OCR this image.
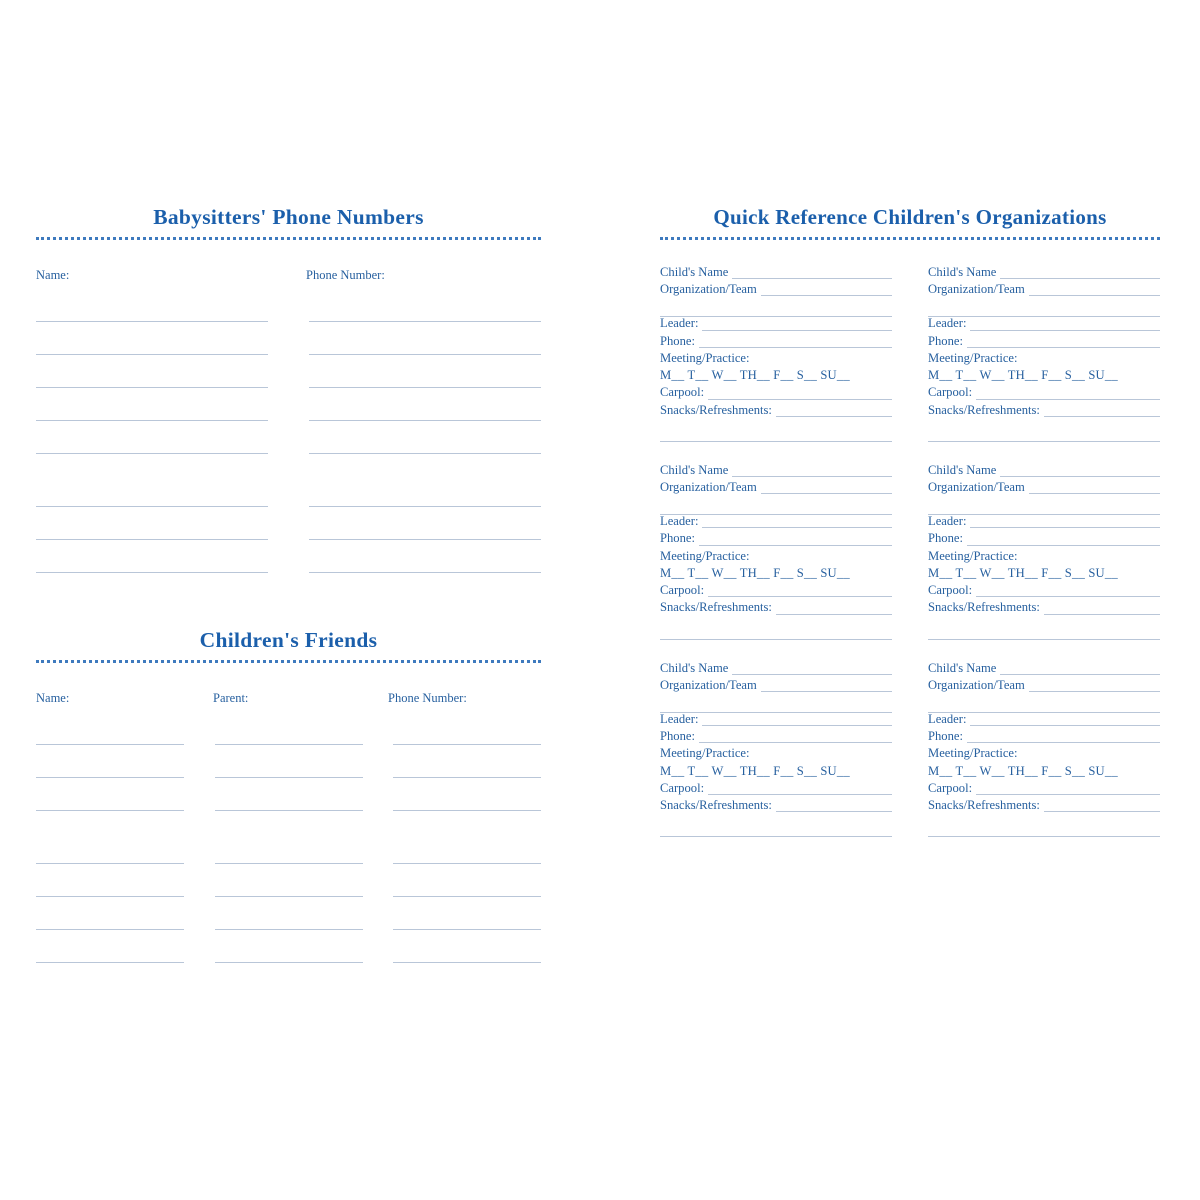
Babysitters' Phone Numbers
Name:	Phone Number:
Children's Friends
Name:	Parent:	Phone Number:
Quick Reference Children's Organizations
Child's Name
Organization/Team
Leader:
Phone:
Meeting/Practice:
M__ T__ W__ TH__ F__ S__ SU__
Carpool:
Snacks/Refreshments:
Child's Name
Organization/Team
Leader:
Phone:
Meeting/Practice:
M__ T__ W__ TH__ F__ S__ SU__
Carpool:
Snacks/Refreshments:
Child's Name
Organization/Team
Leader:
Phone:
Meeting/Practice:
M__ T__ W__ TH__ F__ S__ SU__
Carpool:
Snacks/Refreshments:
Child's Name
Organization/Team
Leader:
Phone:
Meeting/Practice:
M__ T__ W__ TH__ F__ S__ SU__
Carpool:
Snacks/Refreshments:
Child's Name
Organization/Team
Leader:
Phone:
Meeting/Practice:
M__ T__ W__ TH__ F__ S__ SU__
Carpool:
Snacks/Refreshments:
Child's Name
Organization/Team
Leader:
Phone:
Meeting/Practice:
M__ T__ W__ TH__ F__ S__ SU__
Carpool:
Snacks/Refreshments:
